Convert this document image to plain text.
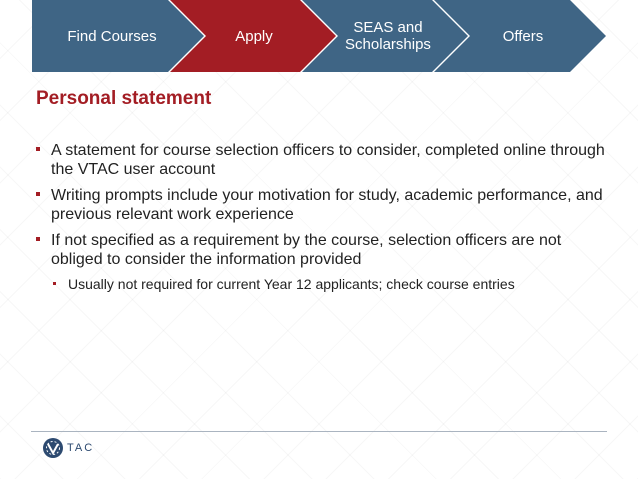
Find Courses	Apply	SEAS and
Scholarships	Offers
Personal statement
A statement for course selection officers to consider, completed online through the VTAC user account
Writing prompts include your motivation for study, academic performance, and previous relevant work experience
If not specified as a requirement by the course, selection officers are not obliged to consider the information provided
Usually not required for current Year 12 applicants; check course entries
TAC
